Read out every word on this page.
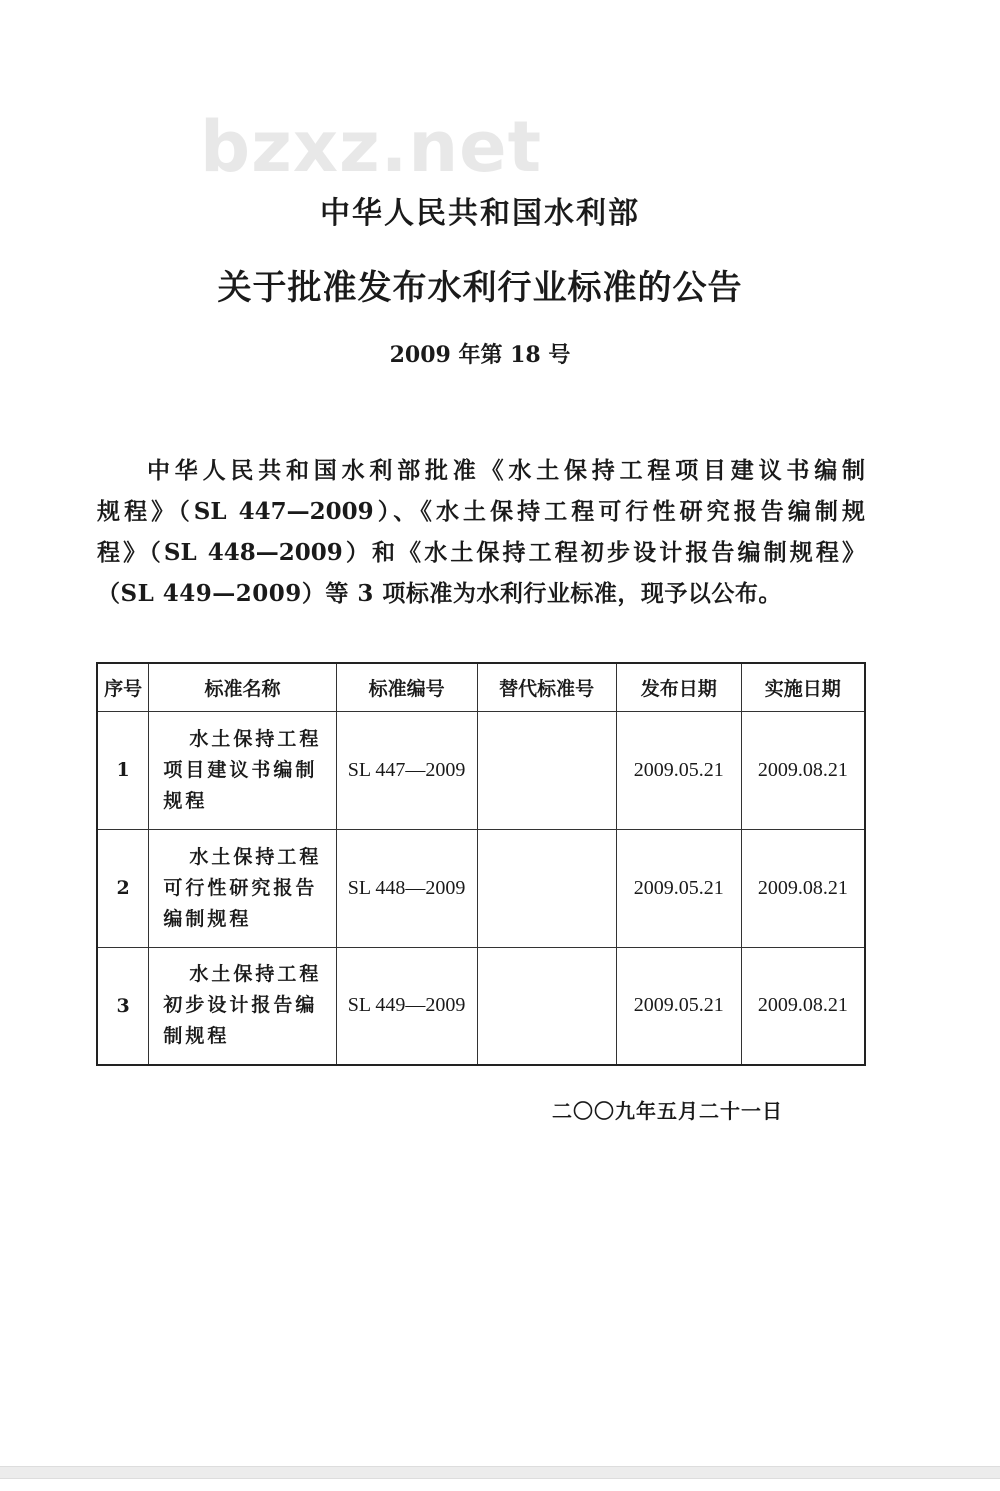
bzxz.net
中华人民共和国水利部
关于批准发布水利行业标准的公告
2009 年第 18 号
中华人民共和国水利部批准《水土保持工程项目建议书编制
规程》（SL 447—2009）、《水土保持工程可行性研究报告编制规
程》（SL 448—2009）和《水土保持工程初步设计报告编制规程》
（SL 449—2009）等 3 项标准为水利行业标准，现予以公布。
序号	标准名称	标准编号	替代标准号	发布日期	实施日期
1	水土保持工程
项目建议书编制
规程	SL 447—2009		2009.05.21	2009.08.21
2	水土保持工程
可行性研究报告
编制规程	SL 448—2009		2009.05.21	2009.08.21
3	水土保持工程
初步设计报告编
制规程	SL 449—2009		2009.05.21	2009.08.21
二〇〇九年五月二十一日
